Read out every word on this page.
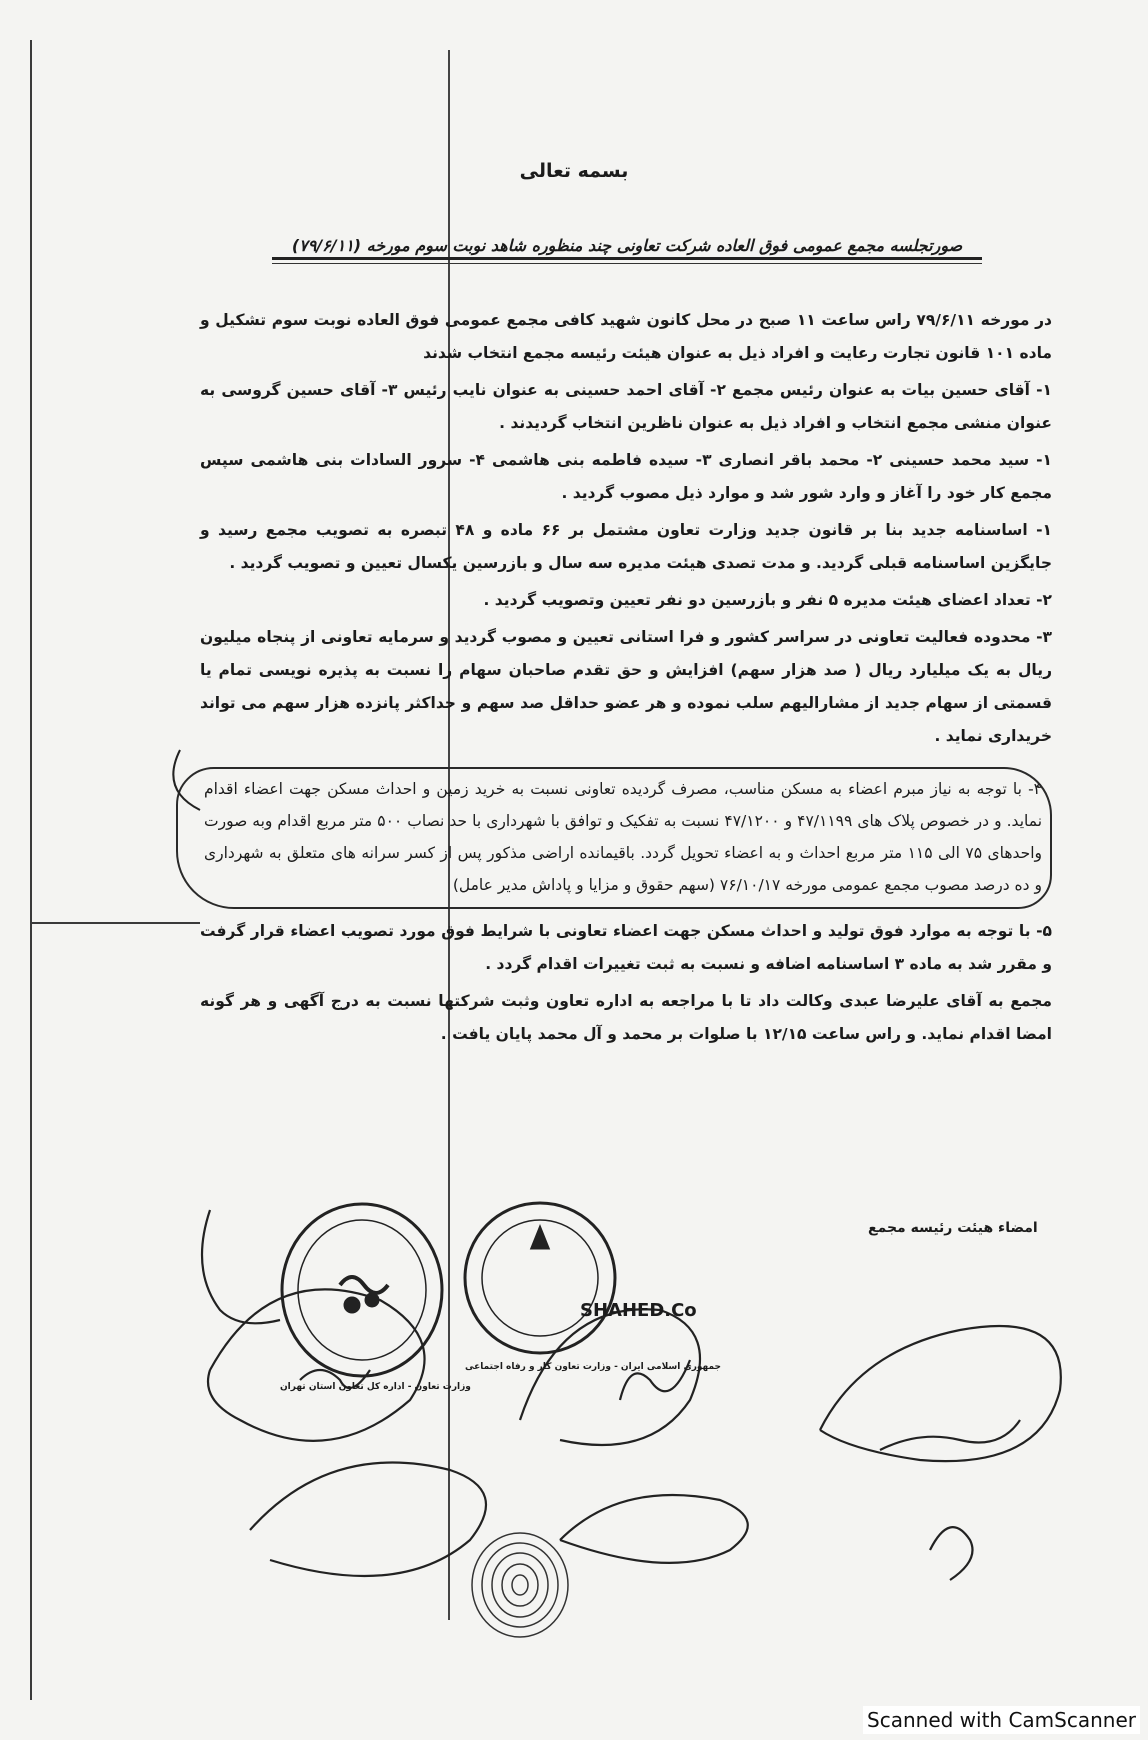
بسمه تعالی
صورتجلسه مجمع عمومی فوق العاده شرکت تعاونی چند منظوره شاهد نوبت سوم مورخه (۷۹/۶/۱۱)

در مورخه ۷۹/۶/۱۱ راس ساعت ۱۱ صبح در محل کانون شهید کافی مجمع عمومی فوق العاده نوبت سوم تشکیل و ماده ۱۰۱ قانون تجارت رعایت و افراد ذیل به عنوان هیئت رئیسه مجمع انتخاب شدند

۱- آقای حسین بیات به عنوان رئیس مجمع ۲- آقای احمد حسینی به عنوان نایب رئیس ۳- آقای حسین گروسی به عنوان منشی مجمع انتخاب و افراد ذیل به عنوان ناظرین انتخاب گردیدند .

۱- سید محمد حسینی ۲- محمد باقر انصاری ۳- سیده فاطمه بنی هاشمی ۴- سرور السادات بنی هاشمی سپس مجمع کار خود را آغاز و وارد شور شد و موارد ذیل مصوب گردید .

۱- اساسنامه جدید بنا بر قانون جدید وزارت تعاون مشتمل بر ۶۶ ماده و ۴۸ تبصره به تصویب مجمع رسید و جایگزین اساسنامه قبلی گردید. و مدت تصدی هیئت مدیره سه سال و بازرسین یکسال تعیین و تصویب گردید .

۲- تعداد اعضای هیئت مدیره ۵ نفر و بازرسین دو نفر تعیین وتصویب گردید .

۳- محدوده فعالیت تعاونی در سراسر کشور و فرا استانی تعیین و مصوب گردید و سرمایه تعاونی از پنجاه میلیون ریال به یک میلیارد ریال ( صد هزار سهم) افزایش و حق تقدم صاحبان سهام را نسبت به پذیره نویسی تمام یا قسمتی از سهام جدید از مشارالیهم سلب نموده و هر عضو حداقل صد سهم و حداکثر پانزده هزار سهم می تواند خریداری نماید .

۴- با توجه به نیاز مبرم اعضاء به مسکن مناسب، مصرف گردیده تعاونی نسبت به خرید زمین و احداث مسکن جهت اعضاء اقدام نماید. و در خصوص پلاک های ۴۷/۱۱۹۹ و ۴۷/۱۲۰۰ نسبت به تفکیک و توافق با شهرداری با حد نصاب ۵۰۰ متر مربع اقدام وبه صورت واحدهای ۷۵ الی ۱۱۵ متر مربع احداث و به اعضاء تحویل گردد. باقیمانده اراضی مذکور پس از کسر سرانه های متعلق به شهرداری و ده درصد مصوب مجمع عمومی مورخه ۷۶/۱۰/۱۷ (سهم حقوق و مزایا و پاداش مدیر عامل)

۵- با توجه به موارد فوق تولید و احداث مسکن جهت اعضاء تعاونی با شرایط فوق مورد تصویب اعضاء قرار گرفت و مقرر شد به ماده ۳ اساسنامه اضافه و نسبت به ثبت تغییرات اقدام گردد .

مجمع به آقای علیرضا عبدی وکالت داد تا با مراجعه به اداره تعاون وثبت شرکتها نسبت به درج آگهی و هر گونه امضا اقدام نماید. و راس ساعت ۱۲/۱۵ با صلوات بر محمد و آل محمد پایان یافت .

امضاء هیئت رئیسه مجمع
SHAHED.Co
وزارت تعاون - اداره کل تعاون استان تهران
جمهوری اسلامی ایران - وزارت تعاون کار و رفاه اجتماعی
Scanned with CamScanner
